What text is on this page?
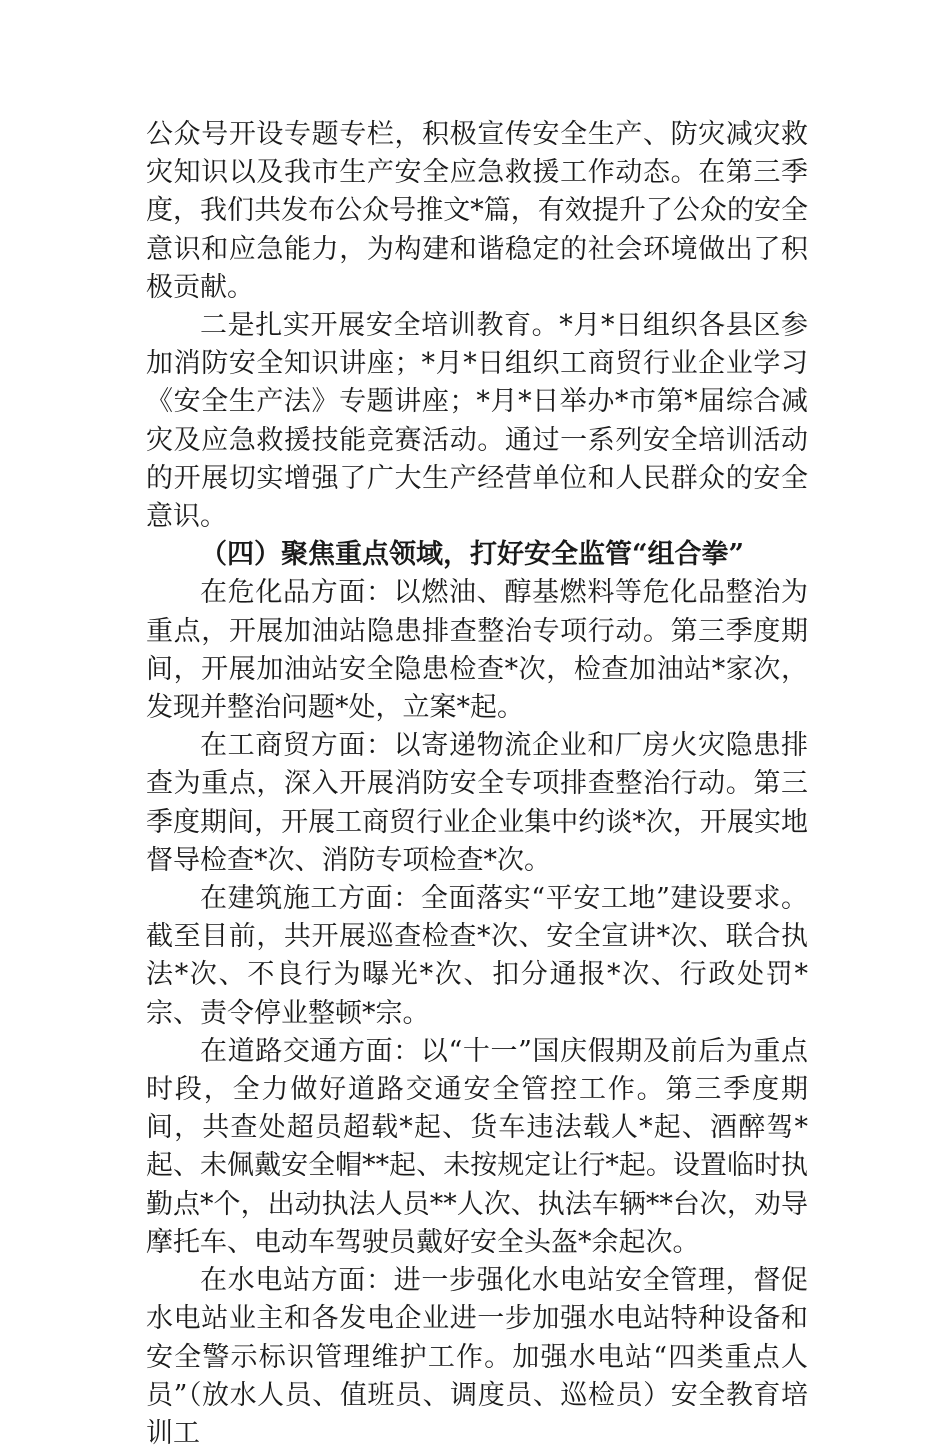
公众号开设专题专栏，积极宣传安全生产、防灾减灾救灾知识以及我市生产安全应急救援工作动态。在第三季度，我们共发布公众号推文*篇，有效提升了公众的安全意识和应急能力，为构建和谐稳定的社会环境做出了积极贡献。

二是扎实开展安全培训教育。*月*日组织各县区参加消防安全知识讲座；*月*日组织工商贸行业企业学习《安全生产法》专题讲座；*月*日举办*市第*届综合减灾及应急救援技能竞赛活动。通过一系列安全培训活动的开展切实增强了广大生产经营单位和人民群众的安全意识。

（四）聚焦重点领域，打好安全监管“组合拳”

在危化品方面：以燃油、醇基燃料等危化品整治为重点，开展加油站隐患排查整治专项行动。第三季度期间，开展加油站安全隐患检查*次，检查加油站*家次，发现并整治问题*处，立案*起。

在工商贸方面：以寄递物流企业和厂房火灾隐患排查为重点，深入开展消防安全专项排查整治行动。第三季度期间，开展工商贸行业企业集中约谈*次，开展实地督导检查*次、消防专项检查*次。

在建筑施工方面：全面落实“平安工地”建设要求。截至目前，共开展巡查检查*次、安全宣讲*次、联合执法*次、不良行为曝光*次、扣分通报*次、行政处罚*宗、责令停业整顿*宗。

在道路交通方面：以“十一”国庆假期及前后为重点时段，全力做好道路交通安全管控工作。第三季度期间，共查处超员超载*起、货车违法载人*起、酒醉驾*起、未佩戴安全帽**起、未按规定让行*起。设置临时执勤点*个，出动执法人员**人次、执法车辆**台次，劝导摩托车、电动车驾驶员戴好安全头盔*余起次。

在水电站方面：进一步强化水电站安全管理，督促水电站业主和各发电企业进一步加强水电站特种设备和安全警示标识管理维护工作。加强水电站“四类重点人员”（放水人员、值班员、调度员、巡检员）安全教育培训工
